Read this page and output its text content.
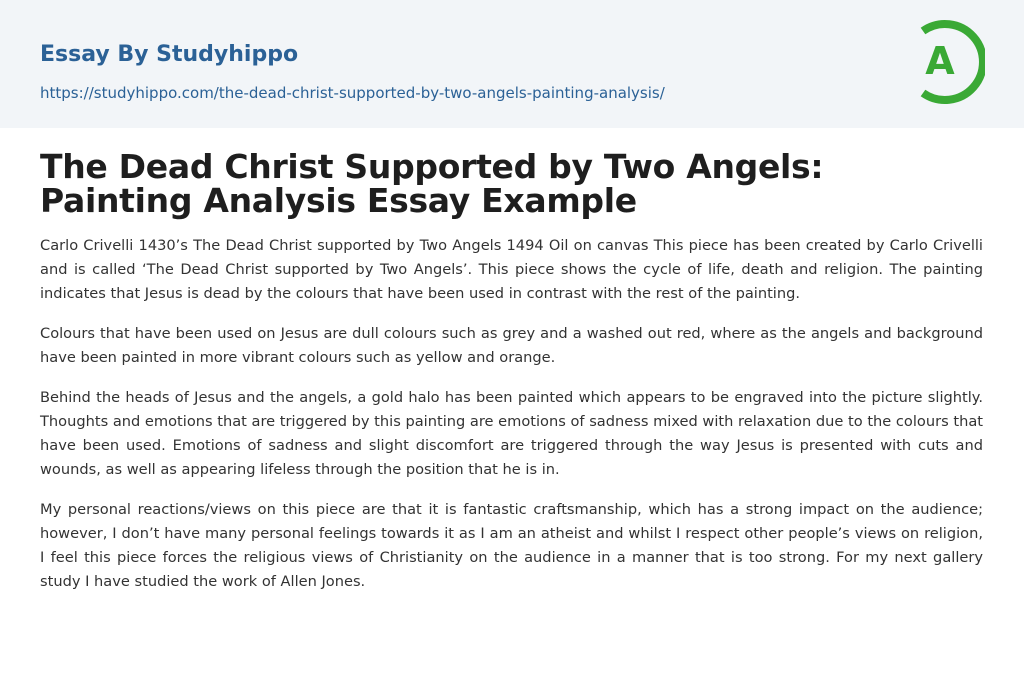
Essay By Studyhippo
https://studyhippo.com/the-dead-christ-supported-by-two-angels-painting-analysis/
A
The Dead Christ Supported by Two Angels:
Painting Analysis Essay Example

Carlo Crivelli 1430’s The Dead Christ supported by Two Angels 1494 Oil on canvas This piece has been created by Carlo Crivelli and is called ‘The Dead Christ supported by Two Angels’. This piece shows the cycle of life, death and religion. The painting indicates that Jesus is dead by the colours that have been used in contrast with the rest of the painting.

Colours that have been used on Jesus are dull colours such as grey and a washed out red, where as the angels and background have been painted in more vibrant colours such as yellow and orange.

Behind the heads of Jesus and the angels, a gold halo has been painted which appears to be engraved into the picture slightly. Thoughts and emotions that are triggered by this painting are emotions of sadness mixed with relaxation due to the colours that have been used. Emotions of sadness and slight discomfort are triggered through the way Jesus is presented with cuts and wounds, as well as appearing lifeless through the position that he is in.

My personal reactions/views on this piece are that it is fantastic craftsmanship, which has a strong impact on the audience; however, I don’t have many personal feelings towards it as I am an atheist and whilst I respect other people’s views on religion, I feel this piece forces the religious views of Christianity on the audience in a manner that is too strong. For my next gallery study I have studied the work of Allen Jones.
